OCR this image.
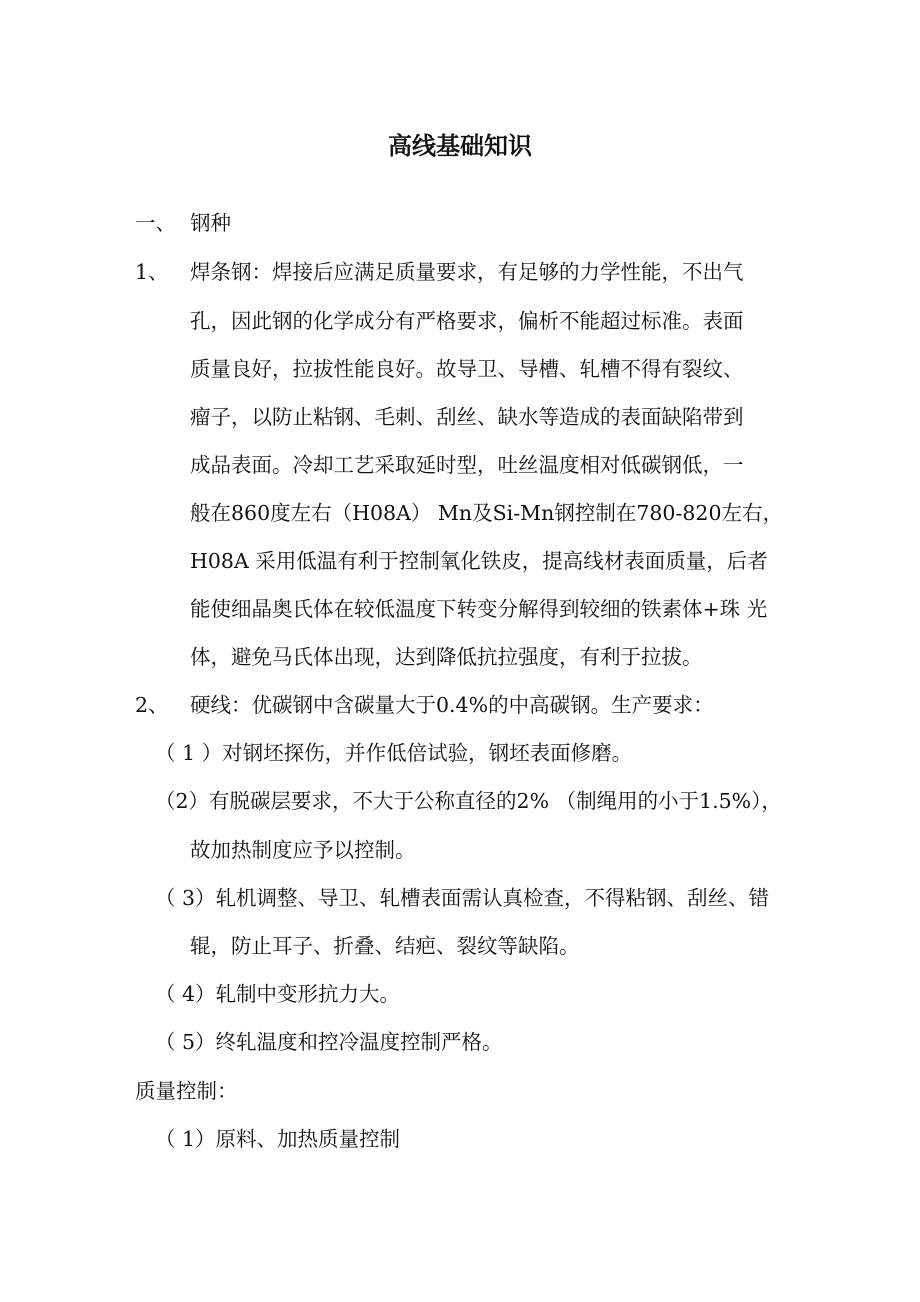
高线基础知识
一、 钢种
1、 焊条钢：焊接后应满足质量要求，有足够的力学性能，不出气
孔，因此钢的化学成分有严格要求，偏析不能超过标准。表面
质量良好，拉拔性能良好。故导卫、导槽、轧槽不得有裂纹、
瘤子，以防止粘钢、毛刺、刮丝、缺水等造成的表面缺陷带到
成品表面。冷却工艺采取延时型，吐丝温度相对低碳钢低，一
般在860度左右（H08A） Mn及Si-Mn钢控制在780-820左右，
H08A 采用低温有利于控制氧化铁皮，提高线材表面质量，后者
能使细晶奥氏体在较低温度下转变分解得到较细的铁素体+珠 光
体，避免马氏体出现，达到降低抗拉强度，有利于拉拔。
2、 硬线：优碳钢中含碳量大于0.4%的中高碳钢。生产要求：
（ 1 ）对钢坯探伤，并作低倍试验，钢坯表面修磨。
（2）有脱碳层要求，不大于公称直径的2% （制绳用的小于1.5%），
故加热制度应予以控制。
（ 3）轧机调整、导卫、轧槽表面需认真检查，不得粘钢、刮丝、错
辊，防止耳子、折叠、结疤、裂纹等缺陷。
（ 4）轧制中变形抗力大。
（ 5）终轧温度和控冷温度控制严格。
质量控制：
（ 1）原料、加热质量控制
